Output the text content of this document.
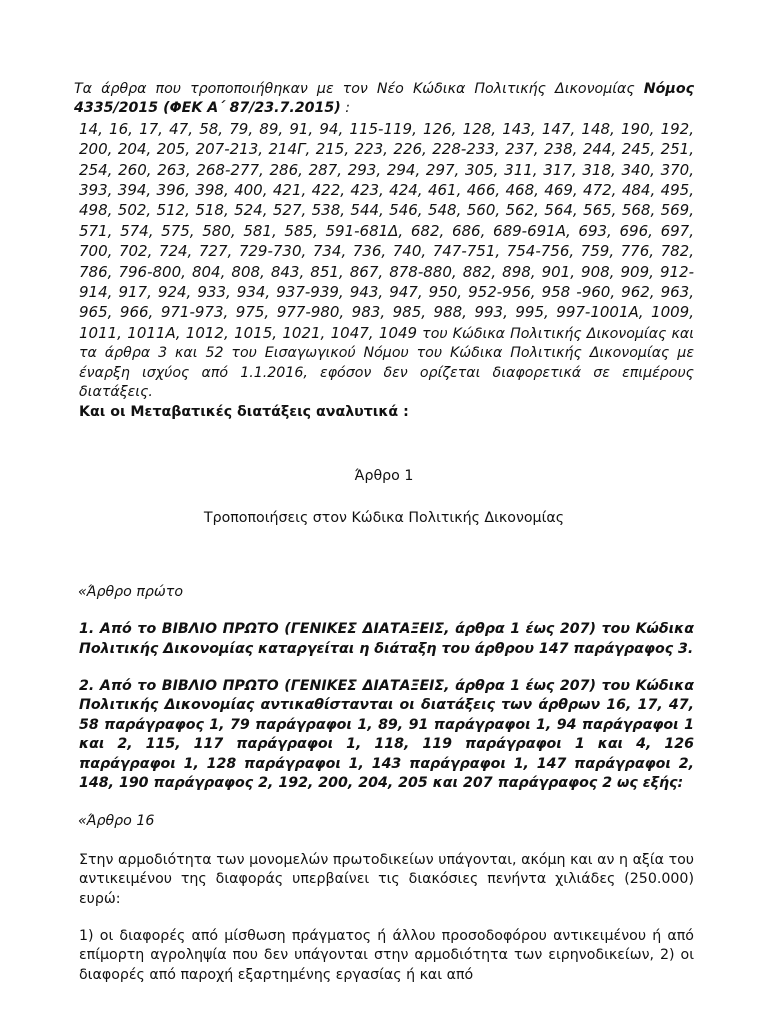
Τα άρθρα που τροποποιήθηκαν με τον Νέο Κώδικα Πολιτικής Δικονομίας Νόμος 4335/2015 (ΦΕΚ Α΄ 87/23.7.2015) :

14, 16, 17, 47, 58, 79, 89, 91, 94, 115-119, 126, 128, 143, 147, 148, 190, 192, 200, 204, 205, 207-213, 214Γ, 215, 223, 226, 228-233, 237, 238, 244, 245, 251, 254, 260, 263, 268-277, 286, 287, 293, 294, 297, 305, 311, 317, 318, 340, 370, 393, 394, 396, 398, 400, 421, 422, 423, 424, 461, 466, 468, 469, 472, 484, 495, 498, 502, 512, 518, 524, 527, 538, 544, 546, 548, 560, 562, 564, 565, 568, 569, 571, 574, 575, 580, 581, 585, 591-681Δ, 682, 686, 689-691Α, 693, 696, 697, 700, 702, 724, 727, 729-730, 734, 736, 740, 747-751, 754-756, 759, 776, 782, 786, 796-800, 804, 808, 843, 851, 867, 878-880, 882, 898, 901, 908, 909, 912-914, 917, 924, 933, 934, 937-939, 943, 947, 950, 952-956, 958 -960, 962, 963, 965, 966, 971-973, 975, 977-980, 983, 985, 988, 993, 995, 997-1001Α, 1009, 1011, 1011Α, 1012, 1015, 1021, 1047, 1049 του Κώδικα Πολιτικής Δικονομίας και τα άρθρα 3 και 52 του Εισαγωγικού Νόμου του Κώδικα Πολιτικής Δικονομίας με έναρξη ισχύος από 1.1.2016, εφόσον δεν ορίζεται διαφορετικά σε επιμέρους διατάξεις.

Και οι Μεταβατικές διατάξεις αναλυτικά :

Άρθρο 1

Τροποποιήσεις στον Κώδικα Πολιτικής Δικονομίας

«Άρθρο πρώτο

1. Από το ΒΙΒΛΙΟ ΠΡΩΤΟ (ΓΕΝΙΚΕΣ ΔΙΑΤΑΞΕΙΣ, άρθρα 1 έως 207) του Κώδικα Πολιτικής Δικονομίας καταργείται η διάταξη του άρθρου 147 παράγραφος 3.

2. Από το ΒΙΒΛΙΟ ΠΡΩΤΟ (ΓΕΝΙΚΕΣ ΔΙΑΤΑΞΕΙΣ, άρθρα 1 έως 207) του Κώδικα Πολιτικής Δικονομίας αντικαθίστανται οι διατάξεις των άρθρων 16, 17, 47, 58 παράγραφος 1, 79 παράγραφοι 1, 89, 91 παράγραφοι 1, 94 παράγραφοι 1 και 2, 115, 117 παράγραφοι 1, 118, 119 παράγραφοι 1 και 4, 126 παράγραφοι 1, 128 παράγραφοι 1, 143 παράγραφοι 1, 147 παράγραφοι 2, 148, 190 παράγραφος 2, 192, 200, 204, 205 και 207 παράγραφος 2 ως εξής:

«Άρθρο 16

Στην αρμοδιότητα των μονομελών πρωτοδικείων υπάγονται, ακόμη και αν η αξία του αντικειμένου της διαφοράς υπερβαίνει τις διακόσιες πενήντα χιλιάδες (250.000) ευρώ:

1) οι διαφορές από μίσθωση πράγματος ή άλλου προσοδοφόρου αντικειμένου ή από επίμορτη αγροληψία που δεν υπάγονται στην αρμοδιότητα των ειρηνοδικείων, 2) οι διαφορές από παροχή εξαρτημένης εργασίας ή και από
